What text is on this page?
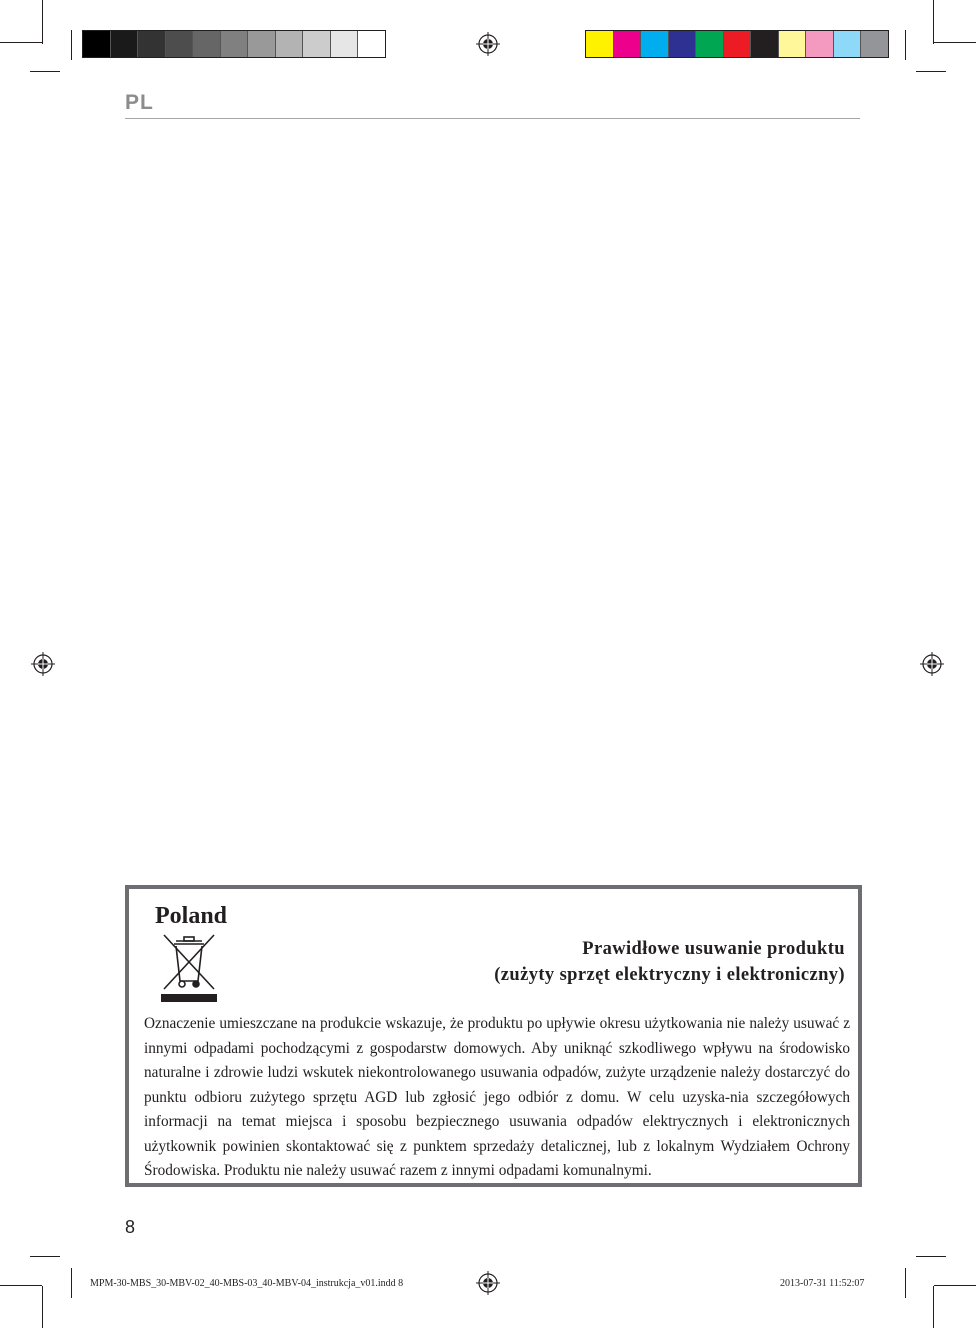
PL
Poland
Prawidłowe usuwanie produktu
(zużyty sprzęt elektryczny i elektroniczny)
Oznaczenie umieszczane na produkcie wskazuje, że produktu po upływie okresu użytkowania nie należy usuwać z innymi odpadami pochodzącymi z gospodarstw domowych. Aby uniknąć szkodliwego wpływu na środowisko naturalne i zdrowie ludzi wskutek niekontrolowanego usuwania odpadów, zużyte urządzenie należy dostarczyć do punktu odbioru zużytego sprzętu AGD lub zgłosić jego odbiór z domu. W celu uzyska-nia szczegółowych informacji na temat miejsca i sposobu bezpiecznego usuwania odpadów elektrycznych i elektronicznych użytkownik powinien skontaktować się z punktem sprzedaży detalicznej, lub z lokalnym Wydziałem Ochrony Środowiska. Produktu nie należy usuwać razem z innymi odpadami komunalnymi.
8
MPM-30-MBS_30-MBV-02_40-MBS-03_40-MBV-04_instrukcja_v01.indd 8	2013-07-31 11:52:07
